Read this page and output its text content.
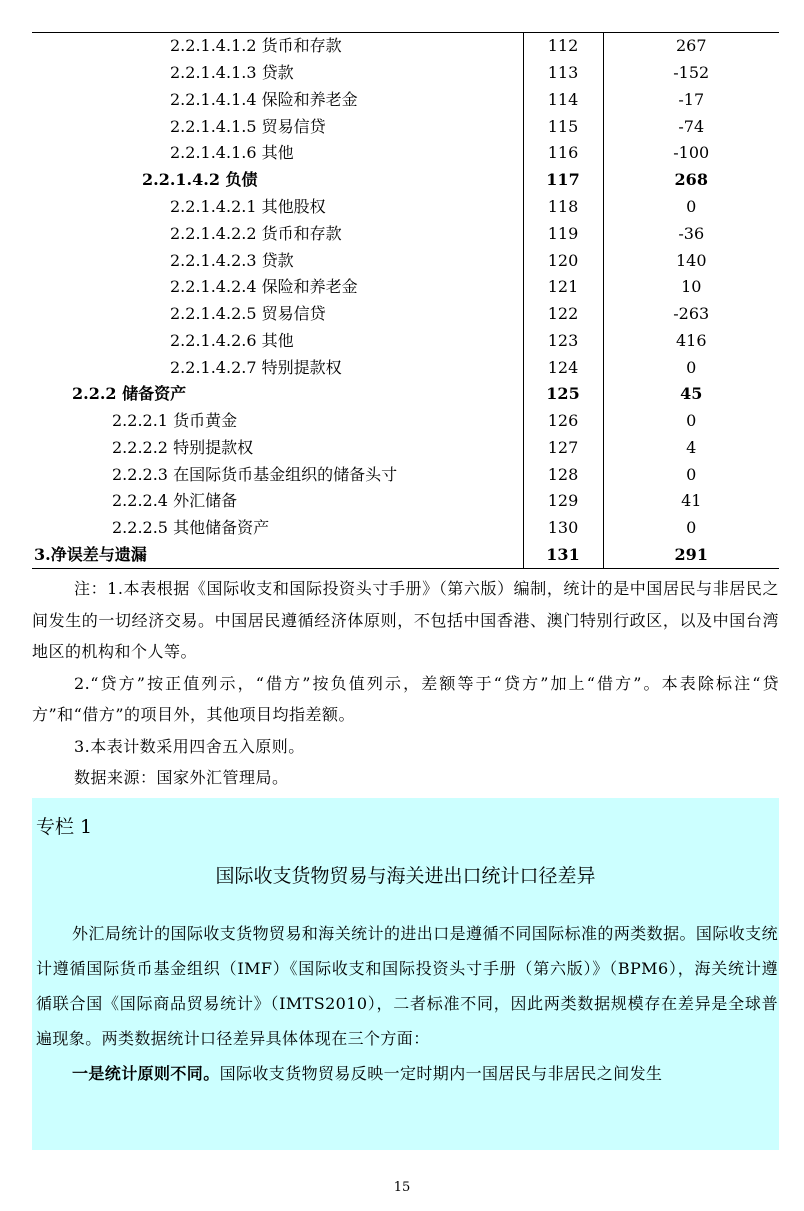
2.2.1.4.1.2 货币和存款	112	267
2.2.1.4.1.3 贷款	113	-152
2.2.1.4.1.4 保险和养老金	114	-17
2.2.1.4.1.5 贸易信贷	115	-74
2.2.1.4.1.6 其他	116	-100
2.2.1.4.2 负债	117	268
2.2.1.4.2.1 其他股权	118	0
2.2.1.4.2.2 货币和存款	119	-36
2.2.1.4.2.3 贷款	120	140
2.2.1.4.2.4 保险和养老金	121	10
2.2.1.4.2.5 贸易信贷	122	-263
2.2.1.4.2.6 其他	123	416
2.2.1.4.2.7 特别提款权	124	0
2.2.2 储备资产	125	45
2.2.2.1 货币黄金	126	0
2.2.2.2 特别提款权	127	4
2.2.2.3 在国际货币基金组织的储备头寸	128	0
2.2.2.4 外汇储备	129	41
2.2.2.5 其他储备资产	130	0
3.净误差与遗漏	131	291

注：1.本表根据《国际收支和国际投资头寸手册》（第六版）编制，统计的是中国居民与非居民之间发生的一切经济交易。中国居民遵循经济体原则，不包括中国香港、澳门特别行政区，以及中国台湾地区的机构和个人等。

2.“贷方”按正值列示，“借方”按负值列示，差额等于“贷方”加上“借方”。本表除标注“贷方”和“借方”的项目外，其他项目均指差额。

3.本表计数采用四舍五入原则。

数据来源：国家外汇管理局。

专栏 1
国际收支货物贸易与海关进出口统计口径差异

外汇局统计的国际收支货物贸易和海关统计的进出口是遵循不同国际标准的两类数据。国际收支统计遵循国际货币基金组织（IMF）《国际收支和国际投资头寸手册（第六版）》（BPM6），海关统计遵循联合国《国际商品贸易统计》（IMTS2010），二者标准不同，因此两类数据规模存在差异是全球普遍现象。两类数据统计口径差异具体体现在三个方面：

一是统计原则不同。国际收支货物贸易反映一定时期内一国居民与非居民之间发生

15
